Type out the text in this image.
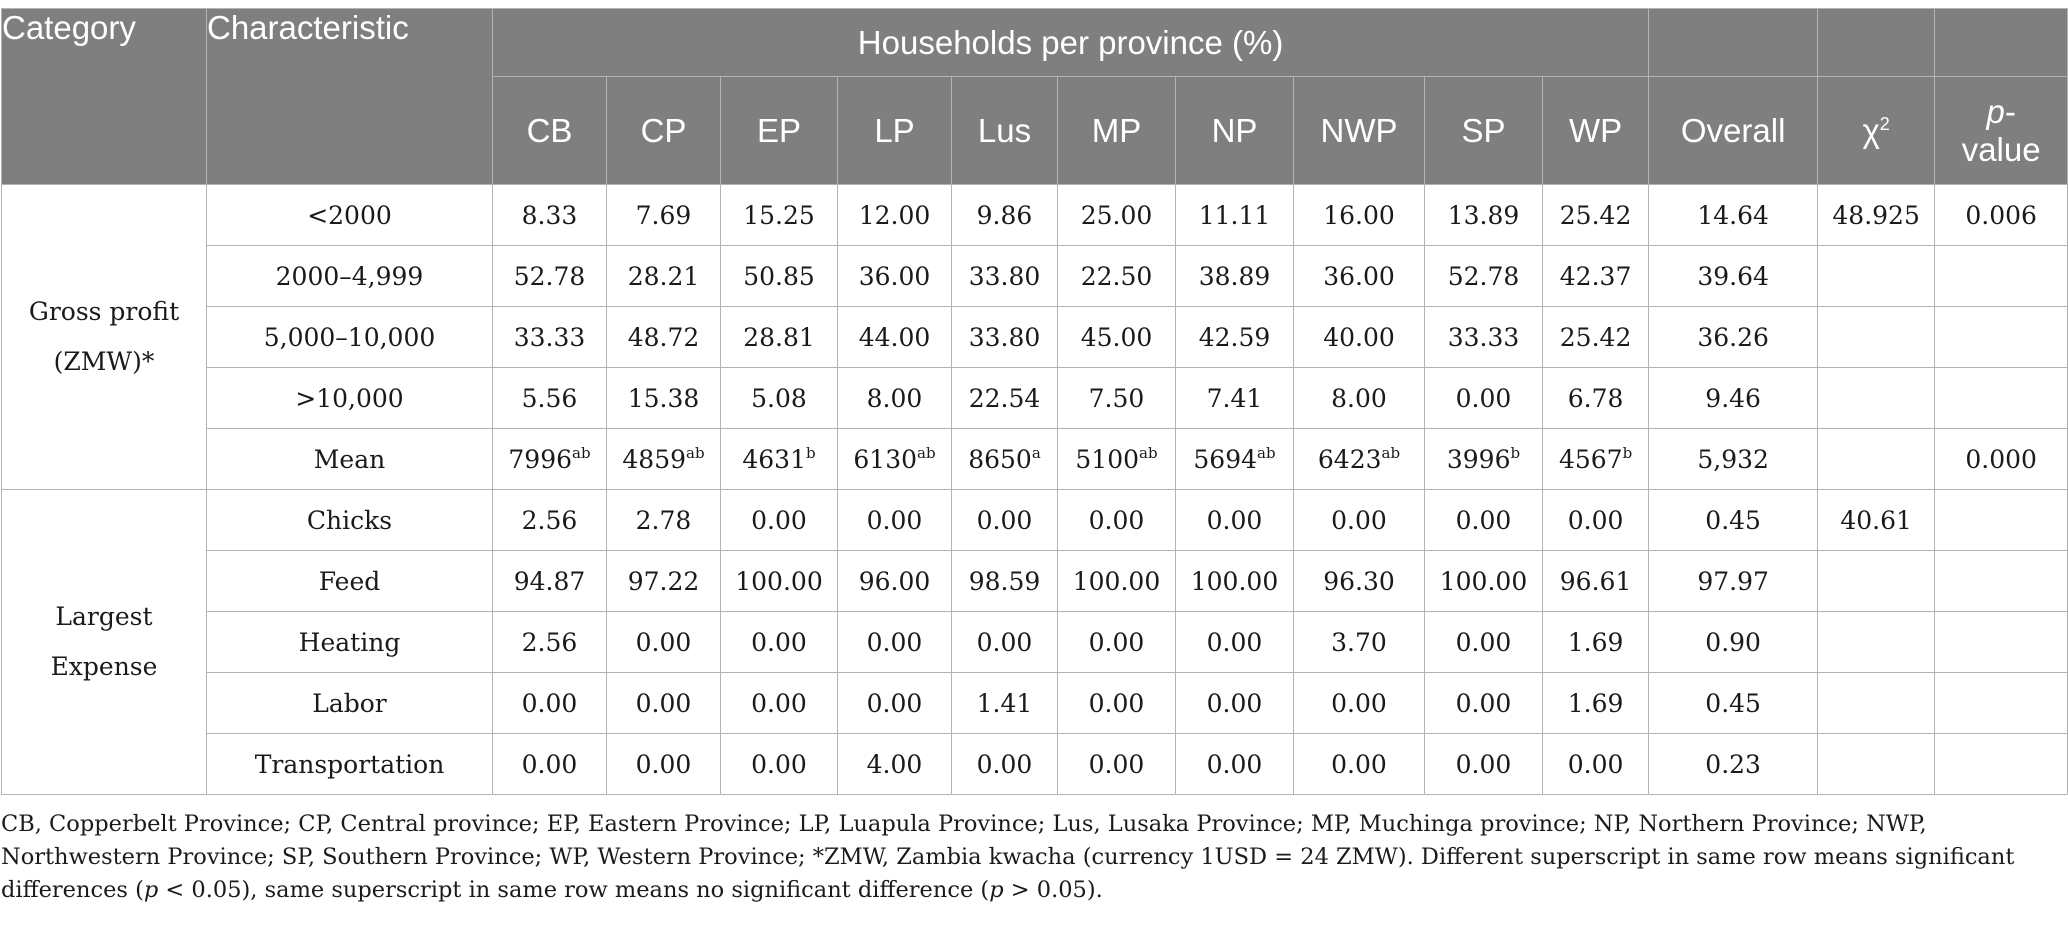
Category	Characteristic	Households per province (%)												
		CB	CP	EP	LP	Lus	MP	NP	NWP	SP	WP	Overall	$\chi^2$	p-
value

Gross profit
(ZMW)*	<2000	8.33	7.69	15.25	12.00	9.86	25.00	11.11	16.00	13.89	25.42	14.64	48.925	0.006
	2000–4,999	52.78	28.21	50.85	36.00	33.80	22.50	38.89	36.00	52.78	42.37	39.64		
	5,000–10,000	33.33	48.72	28.81	44.00	33.80	45.00	42.59	40.00	33.33	25.42	36.26		
	>10,000	5.56	15.38	5.08	8.00	22.54	7.50	7.41	8.00	0.00	6.78	9.46		
	Mean	$7996^{ab}$	$4859^{ab}$	4631$^b$	$6130^{ab}$	8650$^a$	$5100^{ab}$	$5694^{ab}$	$6423^{ab}$	3996$^b$	4567$^b$	5,932		0.000
Largest
Expense	Chicks	2.56	2.78	0.00	0.00	0.00	0.00	0.00	0.00	0.00	0.00	0.45	40.61	
	Feed	94.87	97.22	100.00	96.00	98.59	100.00	100.00	96.30	100.00	96.61	97.97		
	Heating	2.56	0.00	0.00	0.00	0.00	0.00	0.00	3.70	0.00	1.69	0.90		
	Labor	0.00	0.00	0.00	0.00	1.41	0.00	0.00	0.00	0.00	1.69	0.45		
	Transportation	0.00	0.00	0.00	4.00	0.00	0.00	0.00	0.00	0.00	0.00	0.23		
CB, Copperbelt Province; CP, Central province; EP, Eastern Province; LP, Luapula Province; Lus, Lusaka Province; MP, Muchinga province; NP, Northern Province; NWP, Northwestern Province; SP, Southern Province; WP, Western Province; *ZMW, Zambia kwacha (currency 1USD = 24 ZMW). Different superscript in same row means significant differences (p < 0.05), same superscript in same row means no significant difference (p > 0.05).
